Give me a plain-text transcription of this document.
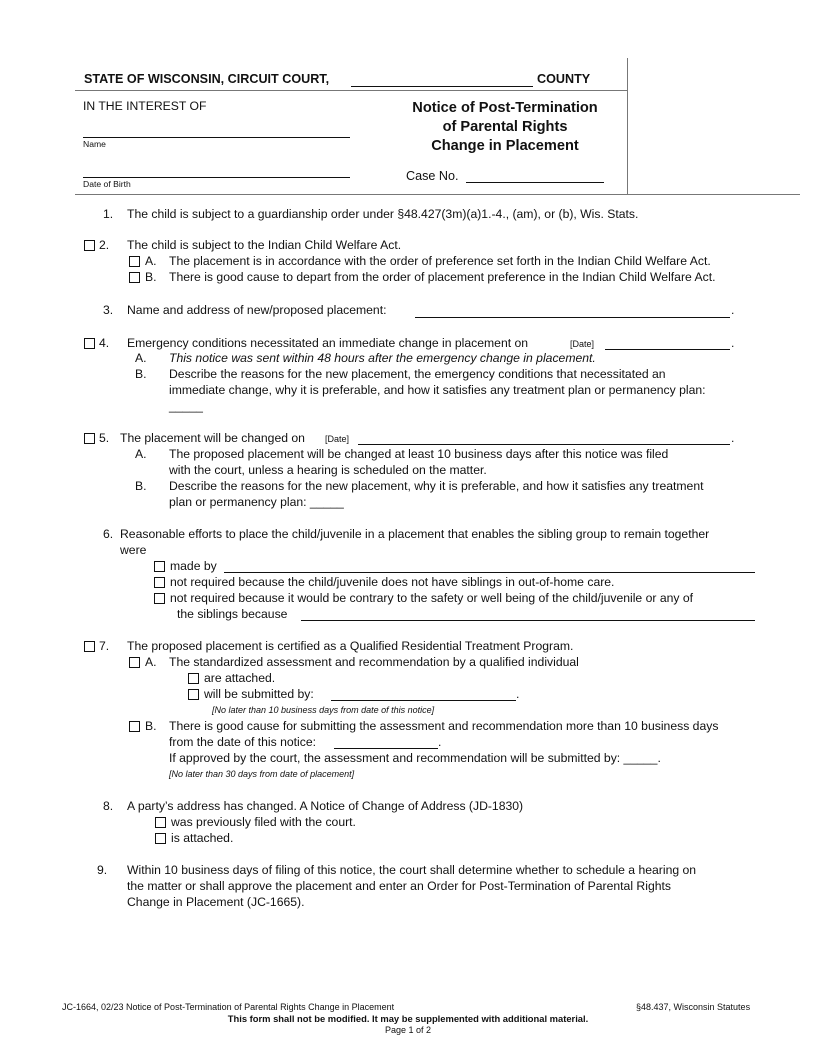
STATE OF WISCONSIN, CIRCUIT COURT,	COUNTY
IN THE INTEREST OF
Name
Date of Birth
Notice of Post-Termination
of Parental Rights
Change in Placement
Case No.
1. The child is subject to a guardianship order under §48.427(3m)(a)1.-4., (am), or (b), Wis. Stats.
2. The child is subject to the Indian Child Welfare Act.
A. The placement is in accordance with the order of preference set forth in the Indian Child Welfare Act.
B. There is good cause to depart from the order of placement preference in the Indian Child Welfare Act.
3. Name and address of new/proposed placement:	.
4. Emergency conditions necessitated an immediate change in placement on	[Date]	.
A. This notice was sent within 48 hours after the emergency change in placement.
B. Describe the reasons for the new placement, the emergency conditions that necessitated an
immediate change, why it is preferable, and how it satisfies any treatment plan or permanency plan:
_____
5. The placement will be changed on [Date]	.
A. The proposed placement will be changed at least 10 business days after this notice was filed
with the court, unless a hearing is scheduled on the matter.
B. Describe the reasons for the new placement, why it is preferable, and how it satisfies any treatment
plan or permanency plan: _____
6. Reasonable efforts to place the child/juvenile in a placement that enables the sibling group to remain together
were
made by
not required because the child/juvenile does not have siblings in out-of-home care.
not required because it would be contrary to the safety or well being of the child/juvenile or any of
the siblings because
7. The proposed placement is certified as a Qualified Residential Treatment Program.
A. The standardized assessment and recommendation by a qualified individual
are attached.
will be submitted by:	.
[No later than 10 business days from date of this notice]
B. There is good cause for submitting the assessment and recommendation more than 10 business days
from the date of this notice:	.
If approved by the court, the assessment and recommendation will be submitted by: _____.
[No later than 30 days from date of placement]
8. A party’s address has changed. A Notice of Change of Address (JD-1830)
was previously filed with the court.
is attached.
9. Within 10 business days of filing of this notice, the court shall determine whether to schedule a hearing on
the matter or shall approve the placement and enter an Order for Post-Termination of Parental Rights
Change in Placement (JC-1665).
JC-1664, 02/23 Notice of Post-Termination of Parental Rights Change in Placement	§48.437, Wisconsin Statutes
This form shall not be modified. It may be supplemented with additional material.
Page 1 of 2
